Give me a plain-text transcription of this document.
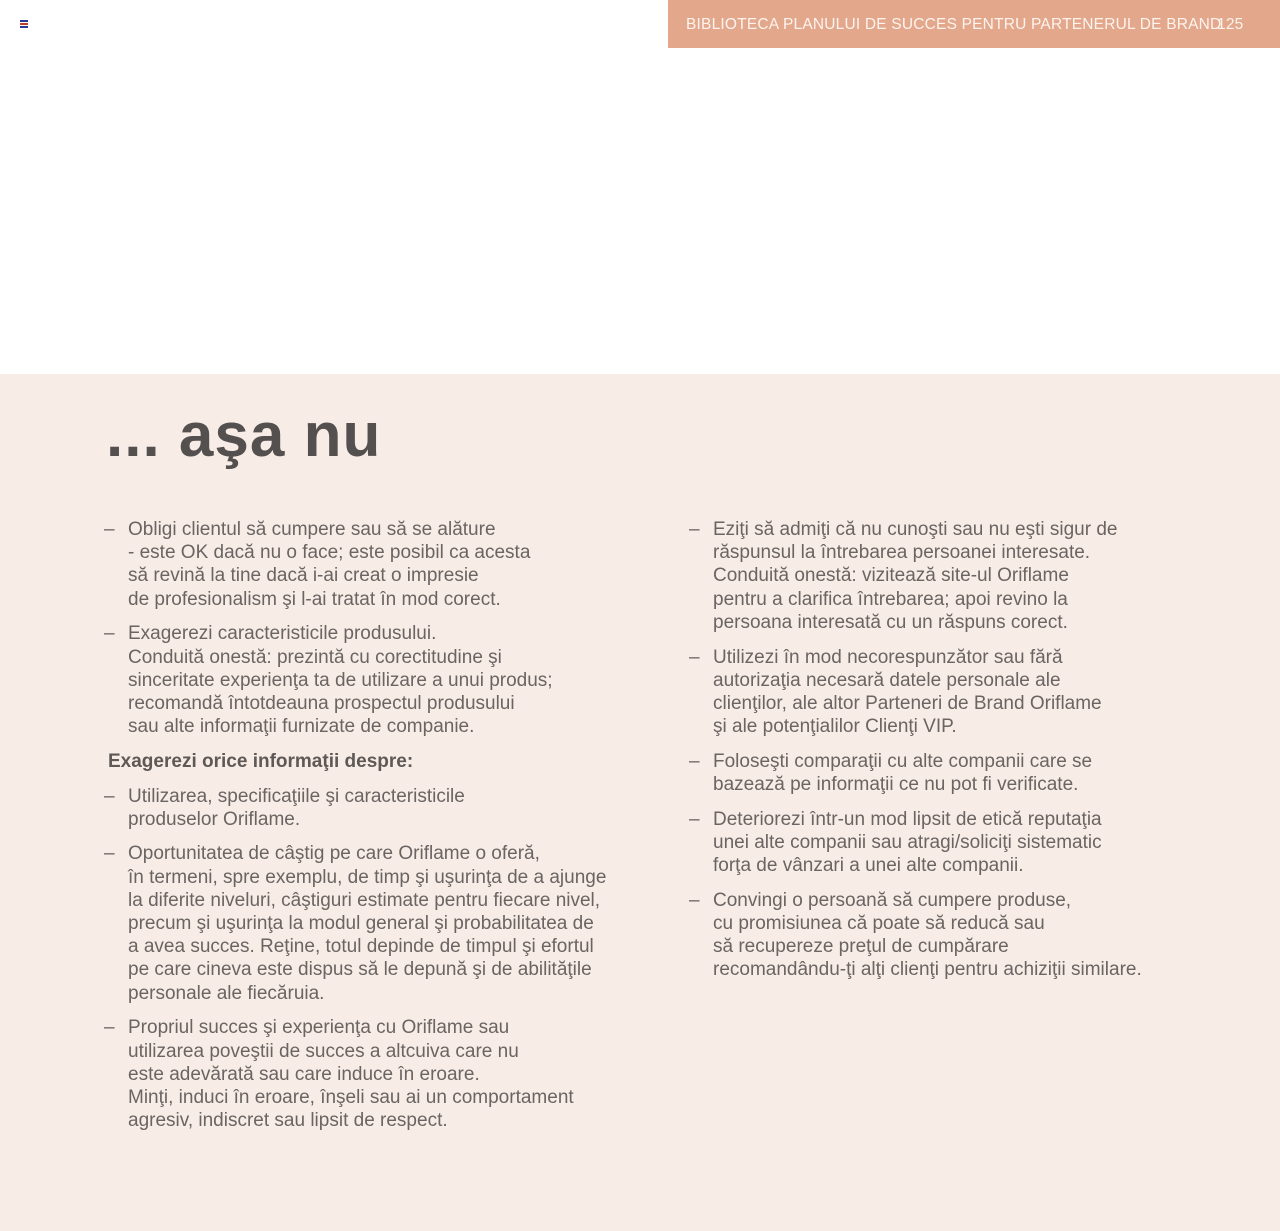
BIBLIOTECA PLANULUI DE SUCCES PENTRU PARTENERUL DE BRAND
125
... aşa nu

– Obligi clientul să cumpere sau să se alăture
- este OK dacă nu o face; este posibil ca acesta
să revină la tine dacă i-ai creat o impresie
de profesionalism şi l-ai tratat în mod corect.

– Exagerezi caracteristicile produsului.
Conduită onestă: prezintă cu corectitudine şi
sinceritate experienţa ta de utilizare a unui produs;
recomandă întotdeauna prospectul produsului
sau alte informaţii furnizate de companie.

Exagerezi orice informaţii despre:

– Utilizarea, specificaţiile şi caracteristicile
produselor Oriflame.

– Oportunitatea de câştig pe care Oriflame o oferă,
în termeni, spre exemplu, de timp şi uşurinţa de a ajunge
la diferite niveluri, câştiguri estimate pentru fiecare nivel,
precum şi uşurinţa la modul general şi probabilitatea de
a avea succes. Reţine, totul depinde de timpul şi efortul
pe care cineva este dispus să le depună şi de abilităţile
personale ale fiecăruia.

– Propriul succes şi experienţa cu Oriflame sau
utilizarea poveştii de succes a altcuiva care nu
este adevărată sau care induce în eroare.
Minţi, induci în eroare, înşeli sau ai un comportament
agresiv, indiscret sau lipsit de respect.

– Eziţi să admiţi că nu cunoşti sau nu eşti sigur de
răspunsul la întrebarea persoanei interesate.
Conduită onestă: vizitează site-ul Oriflame
pentru a clarifica întrebarea; apoi revino la
persoana interesată cu un răspuns corect.

– Utilizezi în mod necorespunzător sau fără
autorizaţia necesară datele personale ale
clienţilor, ale altor Parteneri de Brand Oriflame
şi ale potenţialilor Clienţi VIP.

– Foloseşti comparaţii cu alte companii care se
bazează pe informaţii ce nu pot fi verificate.

– Deteriorezi într-un mod lipsit de etică reputaţia
unei alte companii sau atragi/soliciţi sistematic
forţa de vânzari a unei alte companii.

– Convingi o persoană să cumpere produse,
cu promisiunea că poate să reducă sau
să recupereze preţul de cumpărare
recomandându-ţi alţi clienţi pentru achiziţii similare.
